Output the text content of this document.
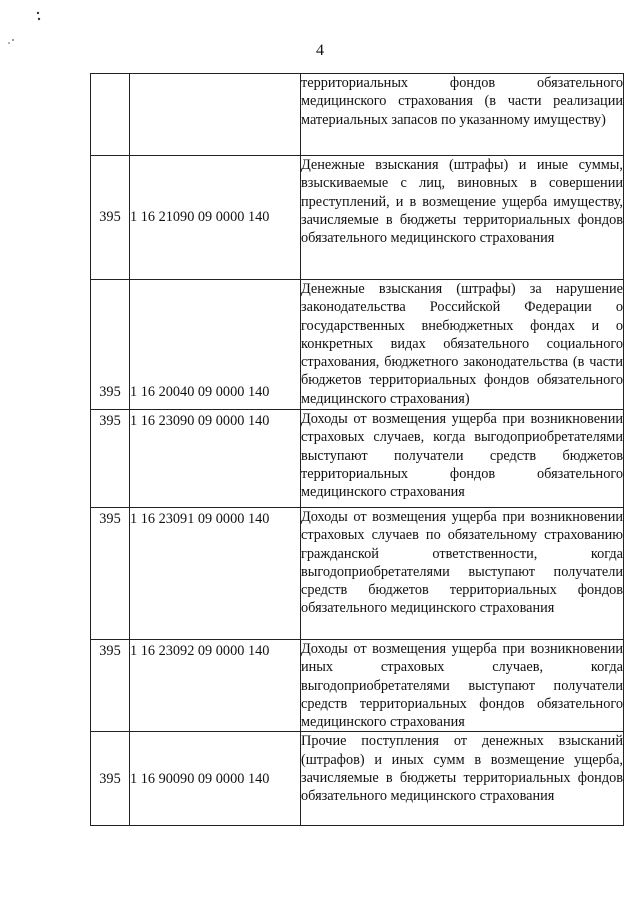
4
		территориальных фондов обязательного медицинского страхования (в части реализации материальных запасов по указанному имуществу)
395	1 16 21090 09 0000 140	Денежные взыскания (штрафы) и иные суммы, взыскиваемые с лиц, виновных в совершении преступлений, и в возмещение ущерба имуществу, зачисляемые в бюджеты территориальных фондов обязательного медицинского страхования
395	1 16 20040 09 0000 140	Денежные взыскания (штрафы) за нарушение законодательства Российской Федерации о государственных внебюджетных фондах и о конкретных видах обязательного социального страхования, бюджетного законодательства (в части бюджетов территориальных фондов обязательного медицинского страхования)
395	1 16 23090 09 0000 140	Доходы от возмещения ущерба при возникновении страховых случаев, когда выгодоприобретателями выступают получатели средств бюджетов территориальных фондов обязательного медицинского страхования
395	1 16 23091 09 0000 140	Доходы от возмещения ущерба при возникновении страховых случаев по обязательному страхованию гражданской ответственности, когда выгодоприобретателями выступают получатели средств бюджетов территориальных фондов обязательного медицинского страхования
395	1 16 23092 09 0000 140	Доходы от возмещения ущерба при возникновении иных страховых случаев, когда выгодоприобретателями выступают получатели средств территориальных фондов обязательного медицинского страхования
395	1 16 90090 09 0000 140	Прочие поступления от денежных взысканий (штрафов) и иных сумм в возмещение ущерба, зачисляемые в бюджеты территориальных фондов обязательного медицинского страхования
